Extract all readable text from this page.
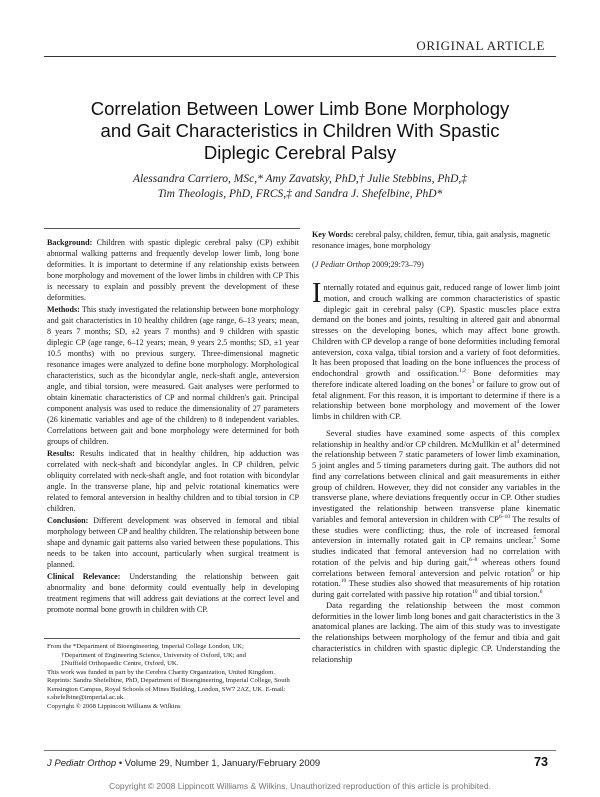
ORIGINAL ARTICLE
Correlation Between Lower Limb Bone Morphology
and Gait Characteristics in Children With Spastic
Diplegic Cerebral Palsy
Alessandra Carriero, MSc,* Amy Zavatsky, PhD,† Julie Stebbins, PhD,‡
Tim Theologis, PhD, FRCS,‡ and Sandra J. Shefelbine, PhD*

Background: Children with spastic diplegic cerebral palsy (CP) exhibit abnormal walking patterns and frequently develop lower limb, long bone deformities. It is important to determine if any relationship exists between bone morphology and movement of the lower limbs in children with CP This is necessary to explain and possibly prevent the development of these deformities.

Methods: This study investigated the relationship between bone morphology and gait characteristics in 10 healthy children (age range, 6–13 years; mean, 8 years 7 months; SD, ±2 years 7 months) and 9 children with spastic diplegic CP (age range, 6–12 years; mean, 9 years 2.5 months; SD, ±1 year 10.5 months) with no previous surgery. Three-dimensional magnetic resonance images were analyzed to define bone morphology. Morphological characteristics, such as the bicondylar angle, neck-shaft angle, anteversion angle, and tibial torsion, were measured. Gait analyses were performed to obtain kinematic characteristics of CP and normal children's gait. Principal component analysis was used to reduce the dimensionality of 27 parameters (26 kinematic variables and age of the children) to 8 independent variables. Correlations between gait and bone morphology were determined for both groups of children.

Results: Results indicated that in healthy children, hip adduction was correlated with neck-shaft and bicondylar angles. In CP children, pelvic obliquity correlated with neck-shaft angle, and foot rotation with bicondylar angle. In the transverse plane, hip and pelvic rotational kinematics were related to femoral anteversion in healthy children and to tibial torsion in CP children.

Conclusion: Different development was observed in femoral and tibial morphology between CP and healthy children. The relationship between bone shape and dynamic gait patterns also varied between these populations. This needs to be taken into account, particularly when surgical treatment is planned.

Clinical Relevance: Understanding the relationship between gait abnormality and bone deformity could eventually help in developing treatment regimens that will address gait deviations at the correct level and promote normal bone growth in children with CP.

Key Words: cerebral palsy, children, femur, tibia, gait analysis, magnetic resonance images, bone morphology
(J Pediatr Orthop 2009;29:73–79)

Internally rotated and equinus gait, reduced range of lower limb joint motion, and crouch walking are common characteristics of spastic diplegic gait in cerebral palsy (CP). Spastic muscles place extra demand on the bones and joints, resulting in altered gait and abnormal stresses on the developing bones, which may affect bone growth. Children with CP develop a range of bone deformities including femoral anteversion, coxa valga, tibial torsion and a variety of foot deformities. It has been proposed that loading on the bone influences the process of endochondral growth and ossification.$^{1,2}$ Bone deformities may therefore indicate altered loading on the bones$^3$ or failure to grow out of fetal alignment. For this reason, it is important to determine if there is a relationship between bone morphology and movement of the lower limbs in children with CP.

Several studies have examined some aspects of this complex relationship in healthy and/or CP children. McMullkin et $al^4$ determined the relationship between 7 static parameters of lower limb examination, 5 joint angles and 5 timing parameters during gait. The authors did not find any correlations between clinical and gait measurements in either group of children. However, they did not consider any variables in the transverse plane, where deviations frequently occur in CP. Other studies investigated the relationship between transverse plane kinematic variables and femoral anteversion in children with CP$^{6-10}$ The results of these studies were conflicting; thus, the role of increased femoral anteversion in internally rotated gait in CP remains unclear.$^5$ Some studies indicated that femoral anteversion had no correlation with rotation of the pelvis and hip during gait,$^{6-8}$ whereas others found correlations between femoral anteversion and pelvic rotation$^9$ or hip rotation.$^{10}$ These studies also showed that measurements of hip rotation during gait correlated with passive hip rotation$^{10}$ and tibial torsion.$^6$

Data regarding the relationship between the most common deformities in the lower limb long bones and gait characteristics in the 3 anatomical planes are lacking. The aim of this study was to investigate the relationships between morphology of the femur and tibia and gait characteristics in children with spastic diplegic CP. Understanding the relationship

From the *Department of Bioengineering, Imperial College London, UK;
†Department of Engineering Science, University of Oxford, UK; and
‡Nuffield Orthopaedic Centre, Oxford, UK.
This work was funded in part by the Cerebra Charity Organization, United Kingdom.
Reprints: Sandra Shefelbine, PhD, Department of Bioengineering, Imperial College, South Kensington Campus, Royal Schools of Mines Building, London, SW7 2AZ, UK. E-mail: s.shefelbine@imperial.ac.uk.
Copyright © 2008 Lippincott Williams & Wilkins
J Pediatr Orthop • Volume 29, Number 1, January/February 2009	73
Copyright © 2008 Lippincott Williams & Wilkins. Unauthorized reproduction of this article is prohibited.
